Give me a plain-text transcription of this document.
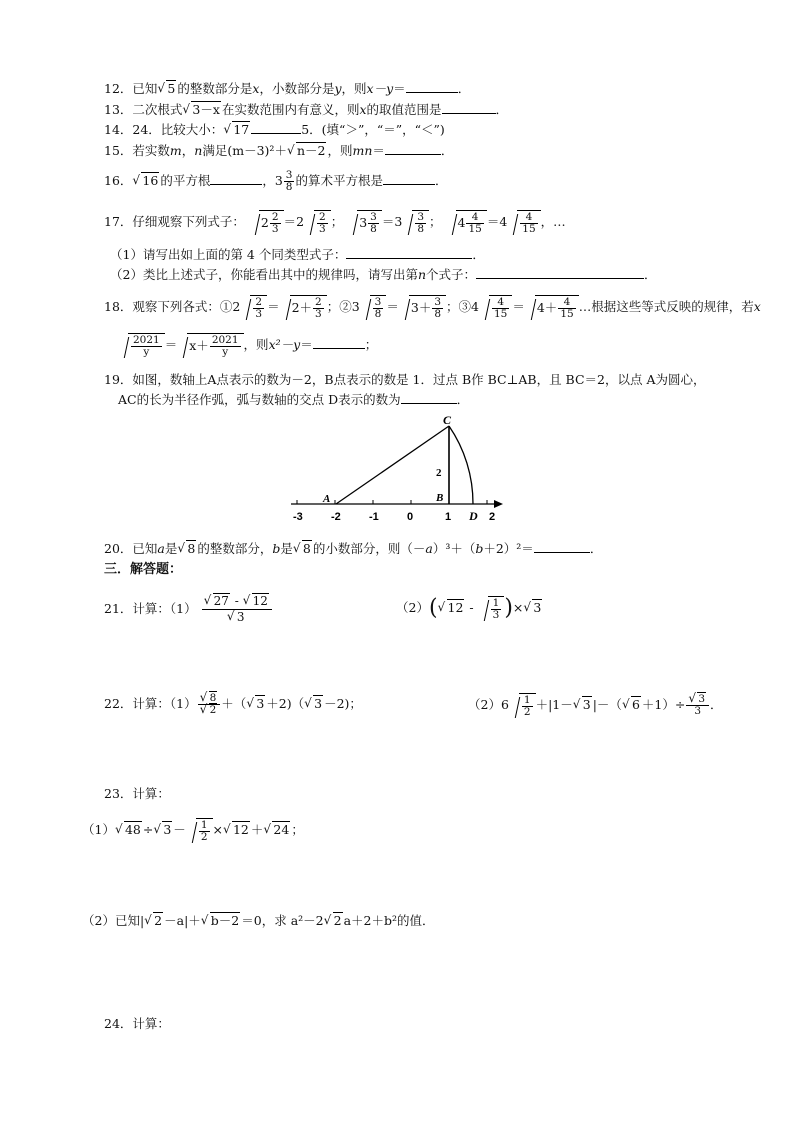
12．已知√ 5 的整数部分是x，小数部分是y，则x－y＝	．
13．二次根式√ 3－x 在实数范围内有意义，则x的取值范围是	．
14．24．比较大小：√ 17	5．(填“＞”，“＝”，“＜”)
15．若实数m，n满足(m－3)²＋√ n－2 ，则mn＝	．
16．√ 16 的平方根	，$3 \frac{3}{8}$ 的算术平方根是	．
17．仔细观察下列式子： $2 \frac{2}{3} =2 \frac{2}{3}$ ； $3 \frac{3}{8} =3 \frac{3}{8}$ ； $4 \frac{4}{15} =4 \frac{4}{15}$ ，…
（1）请写出如上面的第 4 个同类型式子：	．
（2）类比上述式子，你能看出其中的规律吗，请写出第n个式子：	．
18．观察下列各式：①2 $\frac{2}{3} = 2+ \frac{2}{3}$ ；②3 $\frac{3}{8} = 3+ \frac{3}{8}$ ；③4 $\frac{4}{15} = 4+ \frac{4}{15}$ …根据这些等式反映的规律，若x
$\frac{2021}{y} = x+ \frac{2021}{y}$ ，则x²－y＝	；
19．如图，数轴上A点表示的数为－2，B点表示的数是 1．过点 B作 BC⊥AB，且 BC＝2，以点 A为圆心，
AC的长为半径作弧，弧与数轴的交点 D表示的数为	．
-3	-2	-1	0	1	2
C
2
B
A
D
20．已知a是√ 8 的整数部分，b是√ 8 的小数部分，则（－a）³＋（b＋2）²＝	．
三．解答题：
21．计算：（1）
√ 27 - √ 12
√ 3	（2）(√ $12 - \frac{1}{3}$ )×√ 3
22．计算：（1）
√ 8
√ 2 ＋（√ 3 ＋2)（√ 3 －2)；	$(2)6 \frac{1}{2} +|1-√$ 3 |－（√ 6 ＋1）÷
√ $\frac{3}{3}$ ．
23．计算：
（1）√ 48 ÷√ $3 - \frac{1}{2}$ ×√ 12 ＋√ 24 ；
（2）已知|√ 2 －a|＋√ b－2 ＝0，求 a²－2√ 2 a＋2＋b²的值．
24．计算：
